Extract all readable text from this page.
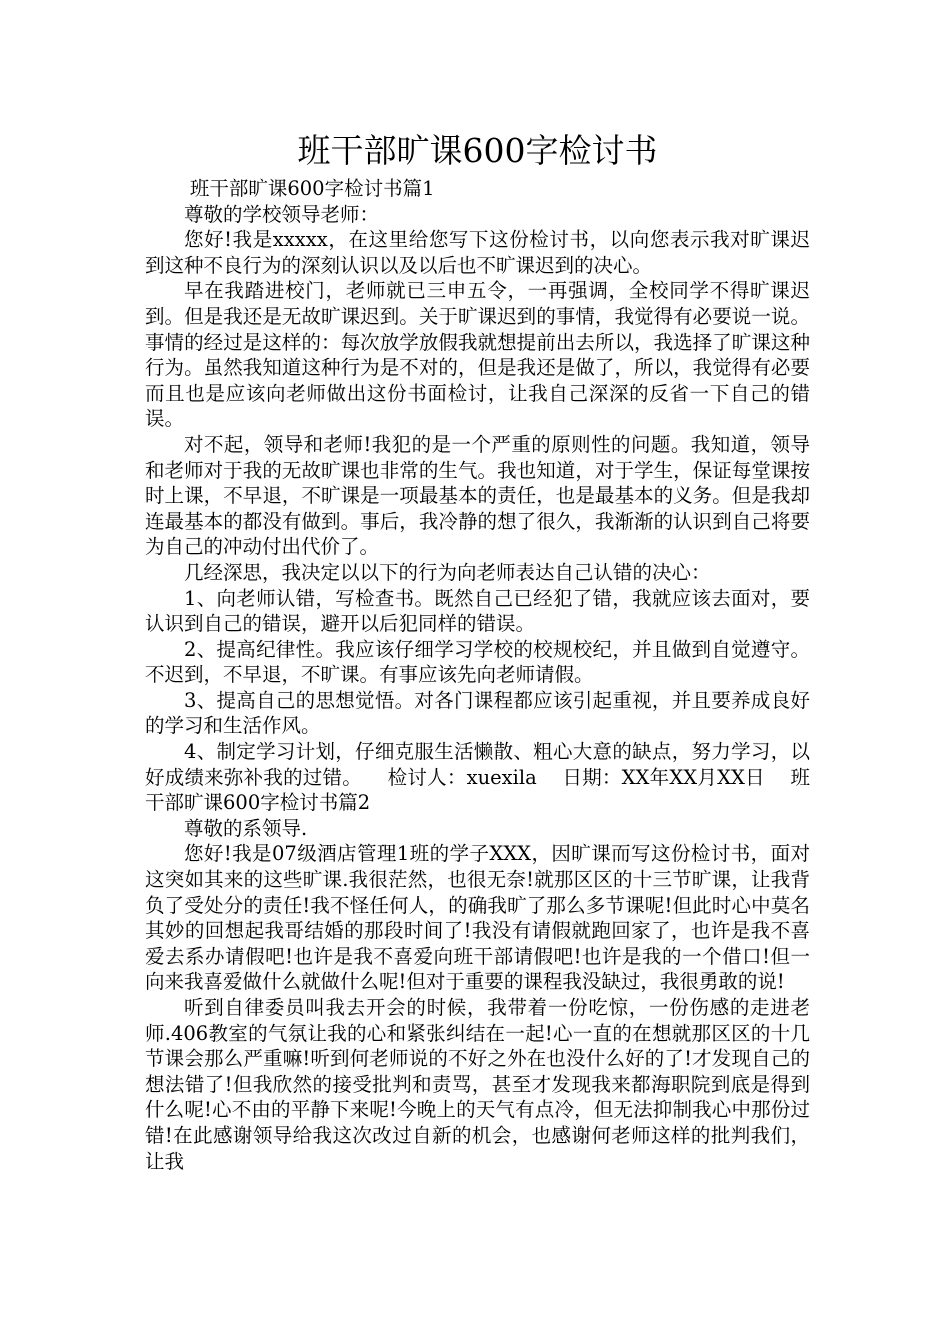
班干部旷课600字检讨书

班干部旷课600字检讨书篇1

尊敬的学校领导老师：

您好!我是xxxxx，在这里给您写下这份检讨书，以向您表示我对旷课迟到这种不良行为的深刻认识以及以后也不旷课迟到的决心。

早在我踏进校门，老师就已三申五令，一再强调，全校同学不得旷课迟到。但是我还是无故旷课迟到。关于旷课迟到的事情，我觉得有必要说一说。事情的经过是这样的：每次放学放假我就想提前出去所以，我选择了旷课这种行为。虽然我知道这种行为是不对的，但是我还是做了，所以，我觉得有必要而且也是应该向老师做出这份书面检讨，让我自己深深的反省一下自己的错误。

对不起，领导和老师!我犯的是一个严重的原则性的问题。我知道，领导和老师对于我的无故旷课也非常的生气。我也知道，对于学生，保证每堂课按时上课，不早退，不旷课是一项最基本的责任，也是最基本的义务。但是我却连最基本的都没有做到。事后，我冷静的想了很久，我渐渐的认识到自己将要为自己的冲动付出代价了。

几经深思，我决定以以下的行为向老师表达自己认错的决心：

1、向老师认错，写检查书。既然自己已经犯了错，我就应该去面对，要认识到自己的错误，避开以后犯同样的错误。

2、提高纪律性。我应该仔细学习学校的校规校纪，并且做到自觉遵守。不迟到，不早退，不旷课。有事应该先向老师请假。

3、提高自己的思想觉悟。对各门课程都应该引起重视，并且要养成良好的学习和生活作风。

4、制定学习计划，仔细克服生活懒散、粗心大意的缺点，努力学习，以好成绩来弥补我的过错。    检讨人：xuexila    日期：XX年XX月XX日    班干部旷课600字检讨书篇2

尊敬的系领导.

您好!我是07级酒店管理1班的学子XXX，因旷课而写这份检讨书，面对这突如其来的这些旷课.我很茫然，也很无奈!就那区区的十三节旷课，让我背负了受处分的责任!我不怪任何人，的确我旷了那么多节课呢!但此时心中莫名其妙的回想起我哥结婚的那段时间了!我没有请假就跑回家了，也许是我不喜爱去系办请假吧!也许是我不喜爱向班干部请假吧!也许是我的一个借口!但一向来我喜爱做什么就做什么呢!但对于重要的课程我没缺过，我很勇敢的说!

听到自律委员叫我去开会的时候，我带着一份吃惊，一份伤感的走进老师.406教室的气氛让我的心和紧张纠结在一起!心一直的在想就那区区的十几节课会那么严重嘛!听到何老师说的不好之外在也没什么好的了!才发现自己的想法错了!但我欣然的接受批判和责骂，甚至才发现我来都海职院到底是得到什么呢!心不由的平静下来呢!今晚上的天气有点冷，但无法抑制我心中那份过错!在此感谢领导给我这次改过自新的机会，也感谢何老师这样的批判我们，让我
